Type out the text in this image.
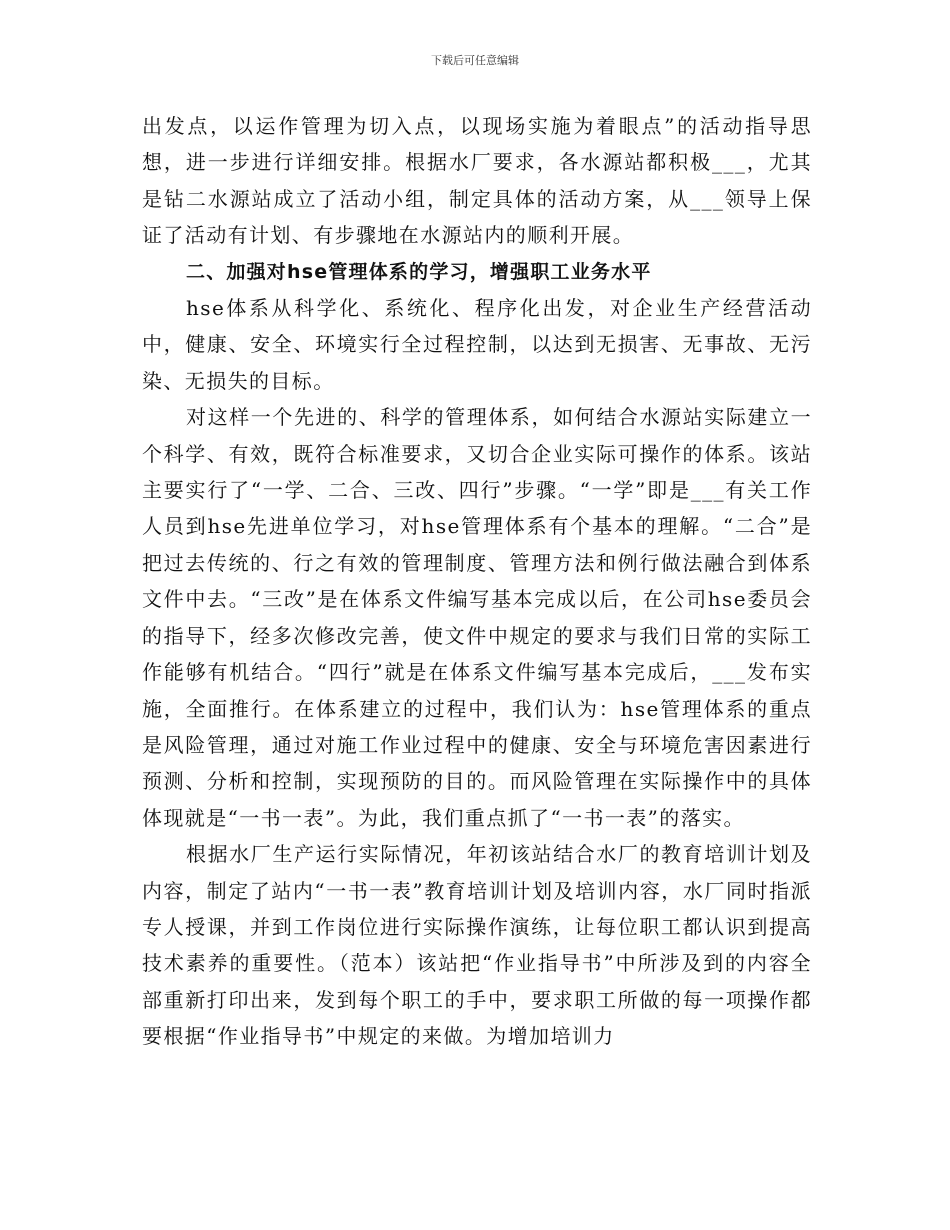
下载后可任意编辑

出发点，以运作管理为切入点，以现场实施为着眼点”的活动指导思想，进一步进行详细安排。根据水厂要求，各水源站都积极___，尤其是钻二水源站成立了活动小组，制定具体的活动方案，从___领导上保证了活动有计划、有步骤地在水源站内的顺利开展。

二、加强对hse管理体系的学习，增强职工业务水平

hse体系从科学化、系统化、程序化出发，对企业生产经营活动中，健康、安全、环境实行全过程控制，以达到无损害、无事故、无污染、无损失的目标。

对这样一个先进的、科学的管理体系，如何结合水源站实际建立一个科学、有效，既符合标准要求，又切合企业实际可操作的体系。该站主要实行了“一学、二合、三改、四行”步骤。“一学”即是___有关工作人员到hse先进单位学习，对hse管理体系有个基本的理解。“二合”是把过去传统的、行之有效的管理制度、管理方法和例行做法融合到体系文件中去。“三改”是在体系文件编写基本完成以后，在公司hse委员会的指导下，经多次修改完善，使文件中规定的要求与我们日常的实际工作能够有机结合。“四行”就是在体系文件编写基本完成后，___发布实施，全面推行。在体系建立的过程中，我们认为：hse管理体系的重点是风险管理，通过对施工作业过程中的健康、安全与环境危害因素进行预测、分析和控制，实现预防的目的。而风险管理在实际操作中的具体体现就是“一书一表”。为此，我们重点抓了“一书一表”的落实。

根据水厂生产运行实际情况，年初该站结合水厂的教育培训计划及内容，制定了站内“一书一表”教育培训计划及培训内容，水厂同时指派专人授课，并到工作岗位进行实际操作演练，让每位职工都认识到提高技术素养的重要性。（范本）该站把“作业指导书”中所涉及到的内容全部重新打印出来，发到每个职工的手中，要求职工所做的每一项操作都要根据“作业指导书”中规定的来做。为增加培训力
